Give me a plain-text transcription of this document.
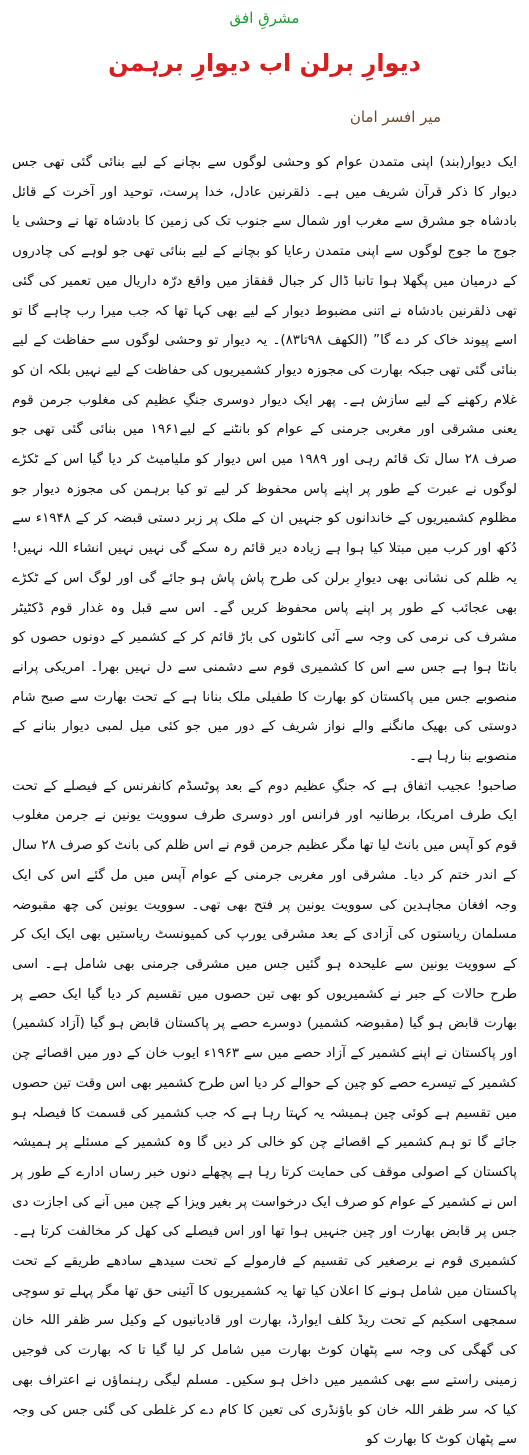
مشرقِ افق
دیوارِ برلن اب دیوارِ برہمن
میر افسر امان

ایک دیوار(بند) اپنی متمدن عوام کو وحشی لوگوں سے بچانے کے لیے بنائی گئی تھی جس دیوار کا ذکر قرآن شریف میں ہے۔ ذلقرنین عادل، خدا پرست، توحید اور آخرت کے قائل بادشاہ جو مشرق سے مغرب اور شمال سے جنوب تک کی زمین کا بادشاہ تھا نے وحشی یا جوج ما جوج لوگوں سے اپنی متمدن رعایا کو بچانے کے لیے بنائی تھی جو لوہے کی چادروں کے درمیان میں پگھلا ہوا تانبا ڈال کر جبال قفقاز میں واقع درّہ داریال میں تعمیر کی گئی تھی ذلقرنین بادشاہ نے اتنی مضبوط دیوار کے لیے بھی کہا تھا کہ جب میرا رب چاہے گا تو اسے پیوند خاک کر دے گا” (الکھف ۹۸تا۸۳)۔ یہ دیوار تو وحشی لوگوں سے حفاظت کے لیے بنائی گئی تھی جبکہ بھارت کی مجوزہ دیوار کشمیریوں کی حفاظت کے لیے نہیں بلکہ ان کو غلام رکھنے کے لیے سازش ہے۔ پھر ایک دیوار دوسری جنگِ عظیم کی مغلوب جرمن قوم یعنی مشرقی اور مغربی جرمنی کے عوام کو بانٹنے کے لیے۱۹۶۱ میں بنائی گئی تھی جو صرف ۲۸ سال تک قائم رہی اور ۱۹۸۹ میں اس دیوار کو ملیامیٹ کر دیا گیا اس کے ٹکڑے لوگوں نے عبرت کے طور پر اپنے پاس محفوظ کر لیے تو کیا برہمن کی مجوزہ دیوار جو مظلوم کشمیریوں کے خاندانوں کو جنہیں ان کے ملک پر زبر دستی قبضہ کر کے ۱۹۴۸ء سے دُکھ اور کرب میں مبتلا کیا ہوا ہے زیادہ دیر قائم رہ سکے گی نہیں نہیں انشاء اللہ نہیں! یہ ظلم کی نشانی بھی دیوارِ برلن کی طرح پاش پاش ہو جائے گی اور لوگ اس کے ٹکڑے بھی عجائب کے طور پر اپنے پاس محفوظ کریں گے۔ اس سے قبل وہ غدار قوم ڈکٹیٹر مشرف کی نرمی کی وجہ سے آئی کانٹوں کی باڑ قائم کر کے کشمیر کے دونوں حصوں کو بانٹا ہوا ہے جس سے اس کا کشمیری قوم سے دشمنی سے دل نہیں بھرا۔ امریکی پرانے منصوبے جس میں پاکستان کو بھارت کا طفیلی ملک بنانا ہے کے تحت بھارت سے صبح شام دوستی کی بھیک مانگنے والے نواز شریف کے دور میں جو کئی میل لمبی دیوار بنانے کے منصوبے بنا رہا ہے۔

صاحبو! عجیب اتفاق ہے کہ جنگِ عظیم دوم کے بعد پوٹسڈم کانفرنس کے فیصلے کے تحت ایک طرف امریکا، برطانیہ اور فرانس اور دوسری طرف سوویت یونین نے جرمن مغلوب قوم کو آپس میں بانٹ لیا تھا مگر عظیم جرمن قوم نے اس ظلم کی بانٹ کو صرف ۲۸ سال کے اندر ختم کر دیا۔ مشرقی اور مغربی جرمنی کے عوام آپس میں مل گئے اس کی ایک وجہ افغان مجاہدین کی سوویت یونین پر فتح بھی تھی۔ سوویت یونین کی چھ مقبوضہ مسلمان ریاستوں کی آزادی کے بعد مشرقی یورپ کی کمیونسٹ ریاستیں بھی ایک ایک کر کے سوویت یونین سے علیحدہ ہو گئیں جس میں مشرقی جرمنی بھی شامل ہے۔ اسی طرح حالات کے جبر نے کشمیریوں کو بھی تین حصوں میں تقسیم کر دیا گیا ایک حصے پر بھارت قابض ہو گیا (مقبوضہ کشمیر) دوسرے حصے پر پاکستان قابض ہو گیا (آزاد کشمیر) اور پاکستان نے اپنے کشمیر کے آزاد حصے میں سے ۱۹۶۳ء ایوب خان کے دور میں اقصائے چن کشمیر کے تیسرے حصے کو چین کے حوالے کر دیا اس طرح کشمیر بھی اس وقت تین حصوں میں تقسیم ہے کوئی چین ہمیشہ یہ کہتا رہا ہے کہ جب کشمیر کی قسمت کا فیصلہ ہو جائے گا تو ہم کشمیر کے اقصائے چن کو خالی کر دیں گا وہ کشمیر کے مسئلے پر ہمیشہ پاکستان کے اصولی موقف کی حمایت کرتا رہا ہے پچھلے دنوں خبر رساں ادارے کے طور پر اس نے کشمیر کے عوام کو صرف ایک درخواست پر بغیر ویزا کے چین میں آنے کی اجازت دی جس پر قابض بھارت اور چین جنہیں ہوا تھا اور اس فیصلے کی کھل کر مخالفت کرتا ہے۔ کشمیری قوم نے برصغیر کی تقسیم کے فارمولے کے تحت سیدھے سادھے طریقے کے تحت پاکستان میں شامل ہونے کا اعلان کیا تھا یہ کشمیریوں کا آئینی حق تھا مگر پہلے تو سوچی سمجھی اسکیم کے تحت ریڈ کلف ایوارڈ، بھارت اور قادیانیوں کے وکیل سر ظفر اللہ خان کی گھگی کی وجہ سے پٹھان کوٹ بھارت میں شامل کر لیا گیا تا کہ بھارت کی فوجیں زمینی راستے سے بھی کشمیر میں داخل ہو سکیں۔ مسلم لیگی رہنماؤں نے اعتراف بھی کیا کہ سر ظفر اللہ خان کو باؤنڈری کی تعین کا کام دے کر غلطی کی گئی جس کی وجہ سے پٹھان کوٹ کا بھارت کو
